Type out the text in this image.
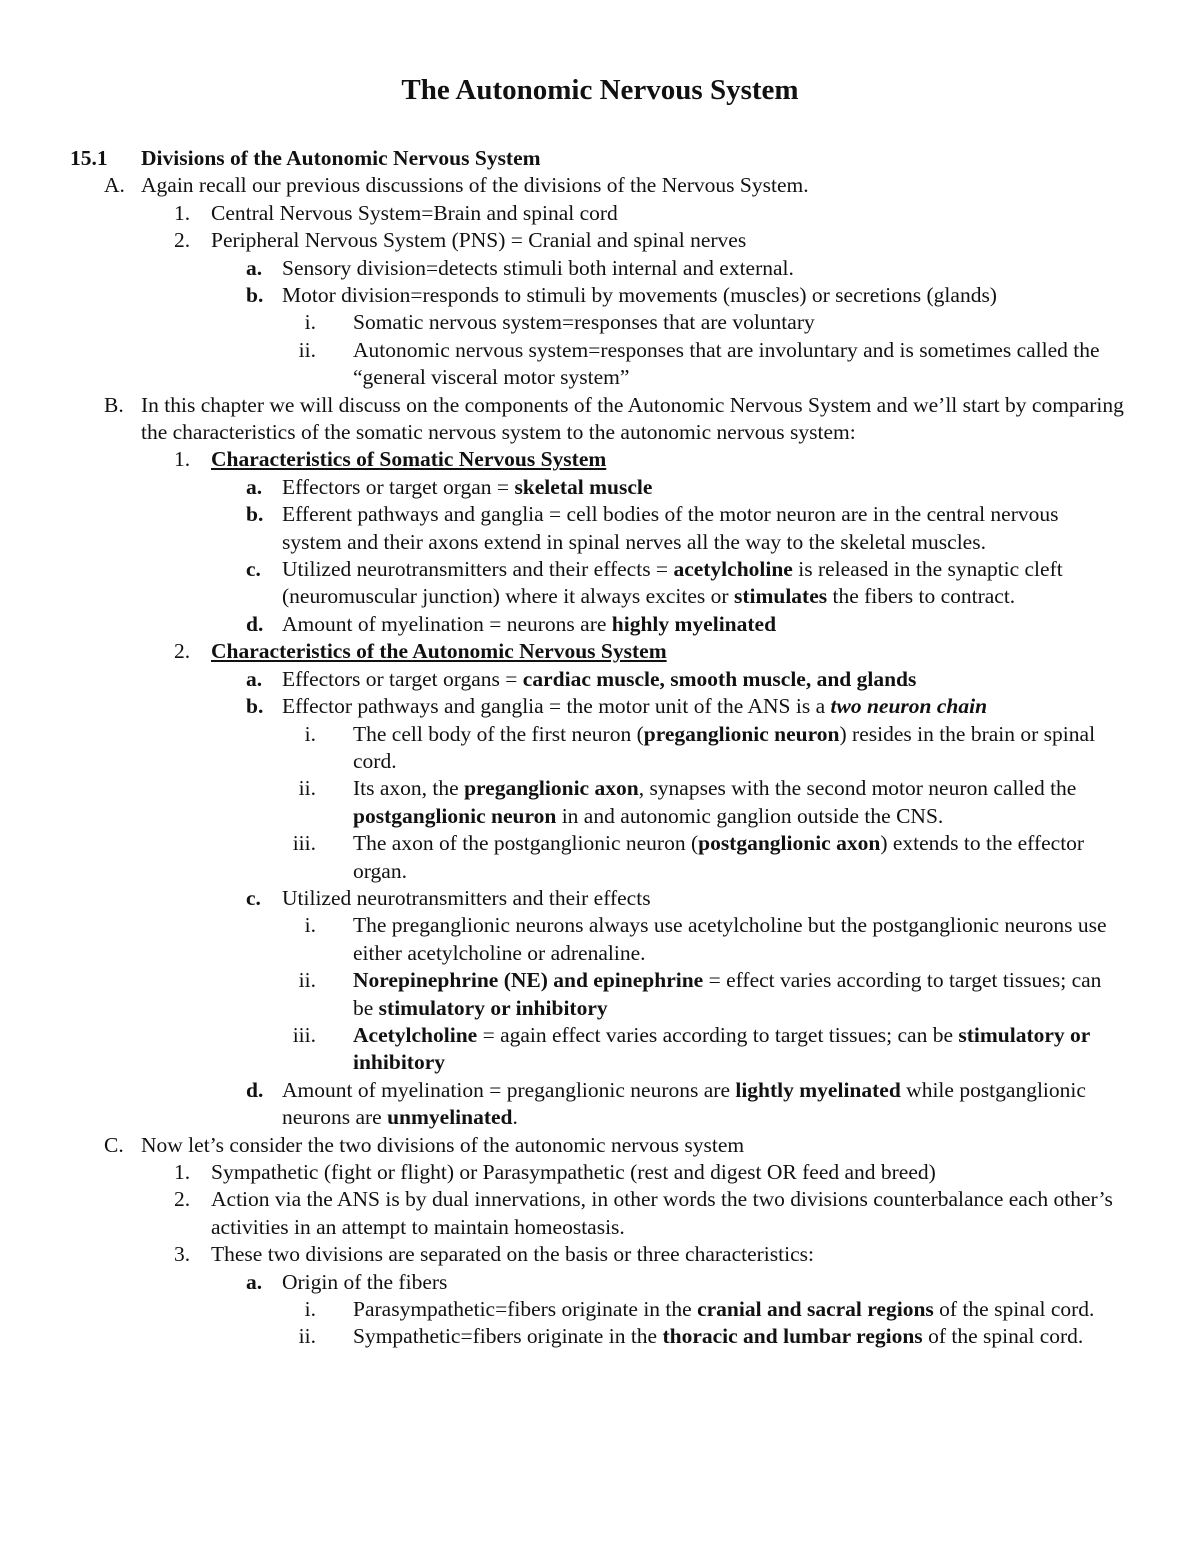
The Autonomic Nervous System
15.1 Divisions of the Autonomic Nervous System
A. Again recall our previous discussions of the divisions of the Nervous System.
1. Central Nervous System=Brain and spinal cord
2. Peripheral Nervous System (PNS) = Cranial and spinal nerves
a. Sensory division=detects stimuli both internal and external.
b. Motor division=responds to stimuli by movements (muscles) or secretions (glands)
i. Somatic nervous system=responses that are voluntary
ii. Autonomic nervous system=responses that are involuntary and is sometimes called the “general visceral motor system”
B. In this chapter we will discuss on the components of the Autonomic Nervous System and we’ll start by comparing the characteristics of the somatic nervous system to the autonomic nervous system:
1. Characteristics of Somatic Nervous System
a. Effectors or target organ = skeletal muscle
b. Efferent pathways and ganglia = cell bodies of the motor neuron are in the central nervous system and their axons extend in spinal nerves all the way to the skeletal muscles.
c. Utilized neurotransmitters and their effects = acetylcholine is released in the synaptic cleft (neuromuscular junction) where it always excites or stimulates the fibers to contract.
d. Amount of myelination = neurons are highly myelinated
2. Characteristics of the Autonomic Nervous System
a. Effectors or target organs = cardiac muscle, smooth muscle, and glands
b. Effector pathways and ganglia = the motor unit of the ANS is a two neuron chain
i. The cell body of the first neuron (preganglionic neuron) resides in the brain or spinal cord.
ii. Its axon, the preganglionic axon, synapses with the second motor neuron called the postganglionic neuron in and autonomic ganglion outside the CNS.
iii. The axon of the postganglionic neuron (postganglionic axon) extends to the effector organ.
c. Utilized neurotransmitters and their effects
i. The preganglionic neurons always use acetylcholine but the postganglionic neurons use either acetylcholine or adrenaline.
ii. Norepinephrine (NE) and epinephrine = effect varies according to target tissues; can be stimulatory or inhibitory
iii. Acetylcholine = again effect varies according to target tissues; can be stimulatory or inhibitory
d. Amount of myelination = preganglionic neurons are lightly myelinated while postganglionic neurons are unmyelinated.
C. Now let’s consider the two divisions of the autonomic nervous system
1. Sympathetic (fight or flight) or Parasympathetic (rest and digest OR feed and breed)
2. Action via the ANS is by dual innervations, in other words the two divisions counterbalance each other’s activities in an attempt to maintain homeostasis.
3. These two divisions are separated on the basis or three characteristics:
a. Origin of the fibers
i. Parasympathetic=fibers originate in the cranial and sacral regions of the spinal cord.
ii. Sympathetic=fibers originate in the thoracic and lumbar regions of the spinal cord.
